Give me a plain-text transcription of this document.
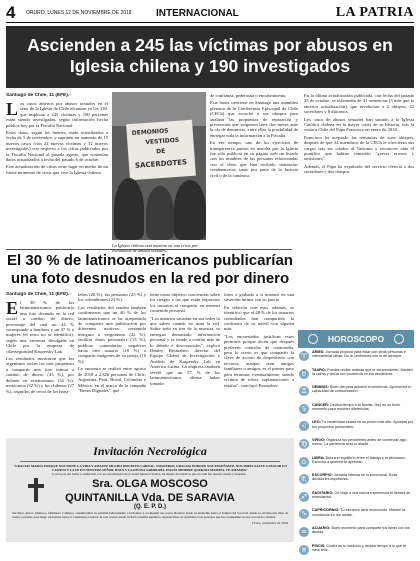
4	ORURO, LUNES 12 DE NOVIEMBRE DE 2018	INTERNACIONAL	LA PATRIA
Ascienden a 245 las víctimas por abusos en Iglesia chilena y 190 investigados
Santiago de Chile, 11 (EFE).-
L os casos abiertos por abusos sexuales en el seno de la Iglesia de Chile alcanzan ya los 139, que implican a 245 víctimas y 190 personas están siendo investigadas, según información hecha pública hoy por la Fiscalía Nacional.

Estos datos, según los fuentes, están actualizados a fecha de 5 de noviembre, y suponen un aumento de 15 nuevos casos (con 22 nuevas víctimas y 12 nuevos investigados) con respecto a los cifras publicados por la Fiscalía Nacional el pasado agosto, que contenían datos actualizados a fecha del pasado 6 de octubre.

Este actualización de cifras tiene lugar en medio de un fuerte momento de crisis que vive la Iglesia chilena

DEMONIOS
VESTIDOS
DE
SACERDOTES
La Iglesia chilena está inmersa en una crisis por escándalos de abusos sexuales.

de confianza, pederastia o encubrimiento.

Este bases conviene en Santiago una asamblea plenaria de la Conferencia Episcopal de Chile (CECh) que escuchó a sus obispos para analizar las propuestas de reparación y prevención que surgieron hace dos meses ante la ola de denuncias, entre ellas la posibilidad de entregar toda la información a la Fiscalía.

En ese tiempo, uno de los ejercicios de transparencia puesto en marcha por la Iglesia fue sólo publicar en su página web un listado con los nombres de las personas relacionadas con el clero que han recibido sentencias condenatorias, tanto por parte de la Justicia civil o de la canónica.

En la última actualización publicada, con fecha del pasado 25 de octubre, se informaba de 41 sentencias (3 más que la anterior actualización), que involucran a 2 obispos, 42 sacerdotes y 8 diáconos.

Los casos de abusos sexuales han sumido a la Iglesia Católica chilena en la mayor crisis de su historia, tras la visita a Chile del Papa Francisco en enero de 2018.

Francisco ha aceptado las renuncias de siete obispos, después de que 34 miembros de la CECh le ofrecieran sus cargos tras ser citados al Vaticano y reconocer ante el pontífice que habían cometido "graves errores y omisiones".

Además, el Papa ha expulsado del servicio clerical a dos sacerdotes y dos obispos.

El 30 % de latinoamericanos publicarían una foto desnudos en la red por dinero
Santiago de Chile, 11 (EFE).-
E l 30 % de los latinoamericanos publicaría una foto desnudo en la red social a cambio de dinero, porcentaje del cual un 44 % corresponde a hombres y un 37 % a mujeres (el resto no se identifica), según una encuesta divulgada en Chile por la empresa de ciberseguridad Kaspersky Lab.

Los resultados mostraron que los argentinos serían los más propensos a compartir una foto íntima a cambio de dinero (43 %), por delante en ecuatorianos (34 %), mexicanos (32 %) y los chilenos (27 %), seguidos de cerca de los brasi-

leños (26 %), los peruanos (25 %) y los colombianos (23 %).

Los resultados del sondeo también confirmaron que un 40 % de los latinoamericanos se ha arrepentido de compartir una publicación por diferentes motivos: contenido inseguro o vergonzoso (22 %), facilitar datos personales (13 %), publicar comentarios negativos hacia otro usuario (18 %) o compartir imágenes de su pareja (10 %).

La encuesta se realizó entre agosto de 2018 a 2.326 personas de Chile, Argentina, Perú, Brasil, Colombia y México, en el marco de la campaña "Besos Digitales", que

tiene como objetivo concienciar sobre los riesgos a los que están expuestos los usuarios al compartir en internet contenido personal.

"Los usuarios sacarían en sus redes lo que saben cuando no usan la red. Sobre todo en tres de la muestra, se entregan demasiado información personal y se tiende a confiar más de lo debido e desconocidos", explicó Dmitry Bestuzhev, director del Equipo Global de Investigación y Análisis de Kaspersky Lab en América Latina. La empresa también reveló que un 57 % de los latinoamericanos afirma haber tomado

fotos o grabado a sí mismos en una situación íntima con su pareja.

En relación con esto, además, se identificó que el 48 % de los usuarios consultados han compartido la confianza de su móvil con alguien más.

"Los encuestados justifican estos permisos porque dicen que después prefieren controlar de contraseña, pero lo cierto es que compartir la clave de acceso de dispositivos con terceros, aunque sean amigos familiares o amigos, es el primer paso para terminar, eventualmente, siendo víctima de robos, suplantaciones o estafas", concluyó Bestuzhev.

Invitación Necrológica
"GRACIAS MARTA PORQUE NOS DISTE LA VIDA Y AMASTE MUCHO DISUELTO CARNAL. NOSOTROS, GRACIAS PORQUE NOS ENSEÑASTE, NOS IMPULSASTE A SEGUIR UN CAMINO Y LA FE EN NUESTRO SEÑOR JESÚS Y LA DIVINA SABIDURÍA. HASTA SIEMPRE QUERIDA MAMITA. TE AMAMOS"
Con la paz del Señor y enaltecido con los sacramentos de la Santa Iglesia Católica, ha dejado de existir la que en vida fue nuestra madre y abuelita:
Sra. OLGA MOSCOSO
QUINTANILLA Vda. DE SARAVIA
(Q. E. P. D.)
Sus hijos, nietos, bisnietos, familiares y amigos, comunicamos su sensible fallecimiento e invitamos a acompañar sus restos mortales desde su domicilio hasta el Templo del Socavón donde se oficiará una misa de cuerpo presente, para luego trasladarse hasta el Cementerio General de esta ciudad donde recibirá cristiana sepultura. Agradecemos de antemano a las personas que nos acompañen en este acto de fe cristiana.
Oruro, noviembre de 2018
HOROSCOPO
♈	ARIES: Jornada propicia para estar con otras personas e intercambiar ideas. No te conformes con lo de siempre.
♉	TAURO: Puedes recibir noticias que te sorprenderán. Mantén la calma y actúa con prudencia en tus decisiones.
♊	GÉMINIS: Buen día para asuntos económicos. Aprovecha tu capacidad de comunicación.
♋	CÁNCER: Dedica tiempo a tu familia. Hoy es un buen momento para resolver diferencias.
♌	LEO: Tu creatividad estará en su punto más alto. Apuesta por tus proyectos personales.
♍	VIRGO: Organiza tus pendientes antes de comenzar algo nuevo. La paciencia será tu aliada.
♎	LIBRA: Busca el equilibrio entre el trabajo y el descanso. Escucha a quienes te aprecian.
♏	ESCORPIO: Jornada intensa en lo emocional. Evita decisiones impulsivas.
♐	SAGITARIO: Un viaje o una nueva experiencia te llenará de entusiasmo.
♑	CAPRICORNIO: Tu esfuerzo será reconocido. Mantén la constancia en tus metas.
♒	ACUARIO: Buen momento para compartir tus ideas con los demás.
♓	PISCIS: Confía en tu intuición y dedica tiempo a lo que te hace feliz.
